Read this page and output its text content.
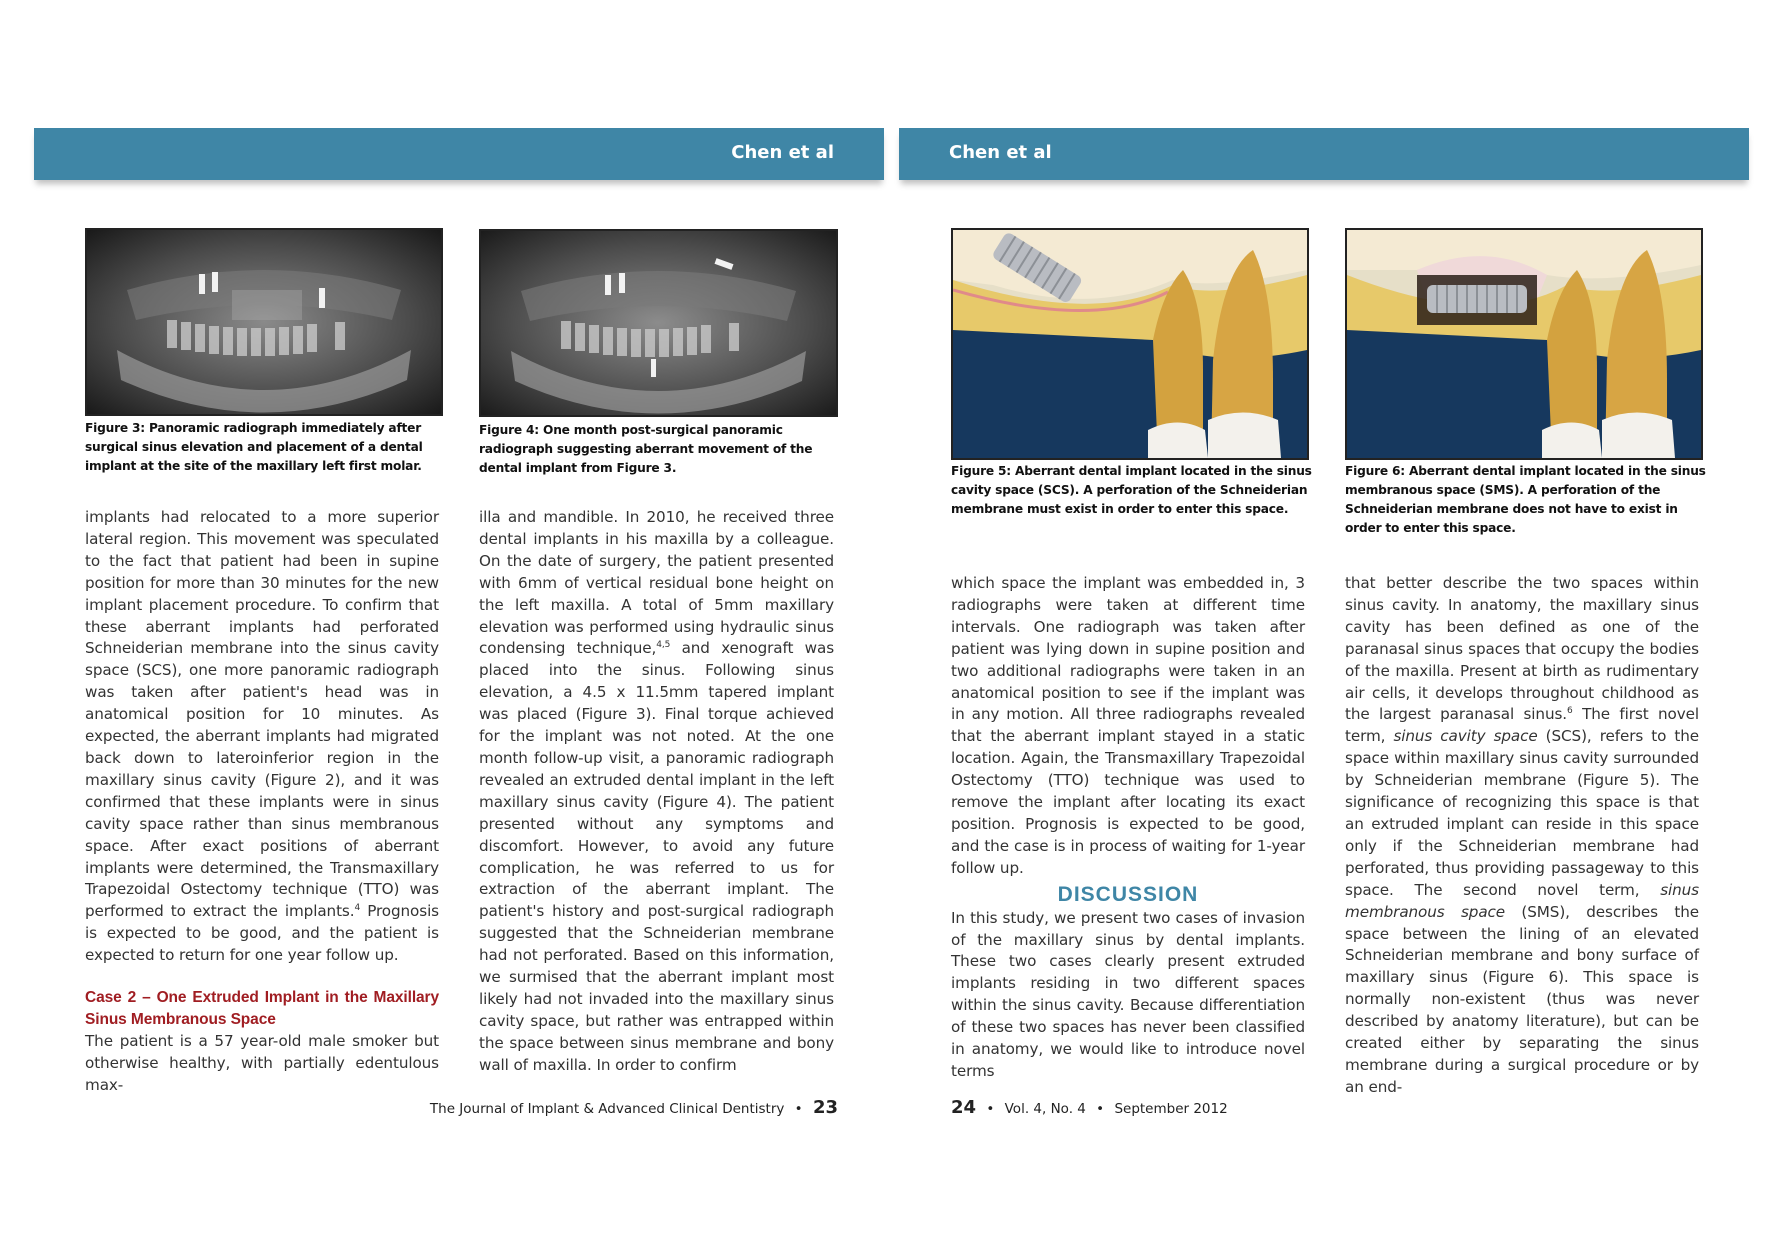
Chen et al
Figure 3: Panoramic radiograph immediately after surgical sinus elevation and placement of a dental implant at the site of the maxillary left first molar.
Figure 4: One month post-surgical panoramic radiograph suggesting aberrant movement of the dental implant from Figure 3.

implants had relocated to a more superior lateral region. This movement was speculated to the fact that patient had been in supine position for more than 30 minutes for the new implant placement procedure. To confirm that these aberrant implants had perforated Schneiderian membrane into the sinus cavity space (SCS), one more panoramic radiograph was taken after patient's head was in anatomical position for 10 minutes. As expected, the aberrant implants had migrated back down to lateroinferior region in the maxillary sinus cavity (Figure 2), and it was confirmed that these implants were in sinus cavity space rather than sinus membranous space. After exact positions of aberrant implants were determined, the Transmaxillary Trapezoidal Ostectomy technique (TTO) was performed to extract the implants.$^4$ Prognosis is expected to be good, and the patient is expected to return for one year follow up.

Case 2 – One Extruded Implant in the Maxillary Sinus Membranous Space

The patient is a 57 year-old male smoker but otherwise healthy, with partially edentulous max-

illa and mandible. In 2010, he received three dental implants in his maxilla by a colleague. On the date of surgery, the patient presented with 6mm of vertical residual bone height on the left maxilla. A total of 5mm maxillary elevation was performed using hydraulic sinus condensing technique,$^{4,5}$ and xenograft was placed into the sinus. Following sinus elevation, a 4.5 x 11.5mm tapered implant was placed (Figure 3). Final torque achieved for the implant was not noted. At the one month follow-up visit, a panoramic radiograph revealed an extruded dental implant in the left maxillary sinus cavity (Figure 4). The patient presented without any symptoms and discomfort. However, to avoid any future complication, he was referred to us for extraction of the aberrant implant. The patient's history and post-surgical radiograph suggested that the Schneiderian membrane had not perforated. Based on this information, we surmised that the aberrant implant most likely had not invaded into the maxillary sinus cavity space, but rather was entrapped within the space between sinus membrane and bony wall of maxilla. In order to confirm

The Journal of Implant & Advanced Clinical Dentistry • 23
Chen et al
Figure 5: Aberrant dental implant located in the sinus cavity space (SCS). A perforation of the Schneiderian membrane must exist in order to enter this space.
Figure 6: Aberrant dental implant located in the sinus membranous space (SMS). A perforation of the Schneiderian membrane does not have to exist in order to enter this space.

which space the implant was embedded in, 3 radiographs were taken at different time intervals. One radiograph was taken after patient was lying down in supine position and two additional radiographs were taken in an anatomical position to see if the implant was in any motion. All three radiographs revealed that the aberrant implant stayed in a static location. Again, the Transmaxillary Trapezoidal Ostectomy (TTO) technique was used to remove the implant after locating its exact position. Prognosis is expected to be good, and the case is in process of waiting for 1-year follow up.

DISCUSSION

In this study, we present two cases of invasion of the maxillary sinus by dental implants. These two cases clearly present extruded implants residing in two different spaces within the sinus cavity. Because differentiation of these two spaces has never been classified in anatomy, we would like to introduce novel terms

that better describe the two spaces within sinus cavity. In anatomy, the maxillary sinus cavity has been defined as one of the paranasal sinus spaces that occupy the bodies of the maxilla. Present at birth as rudimentary air cells, it develops throughout childhood as the largest paranasal sinus.$^6$ The first novel term, sinus cavity space (SCS), refers to the space within maxillary sinus cavity surrounded by Schneiderian membrane (Figure 5). The significance of recognizing this space is that an extruded implant can reside in this space only if the Schneiderian membrane had perforated, thus providing passageway to this space. The second novel term, sinus membranous space (SMS), describes the space between the lining of an elevated Schneiderian membrane and bony surface of maxillary sinus (Figure 6). This space is normally non-existent (thus was never described by anatomy literature), but can be created either by separating the sinus membrane during a surgical procedure or by an end-

24 • Vol. 4, No. 4 • September 2012
